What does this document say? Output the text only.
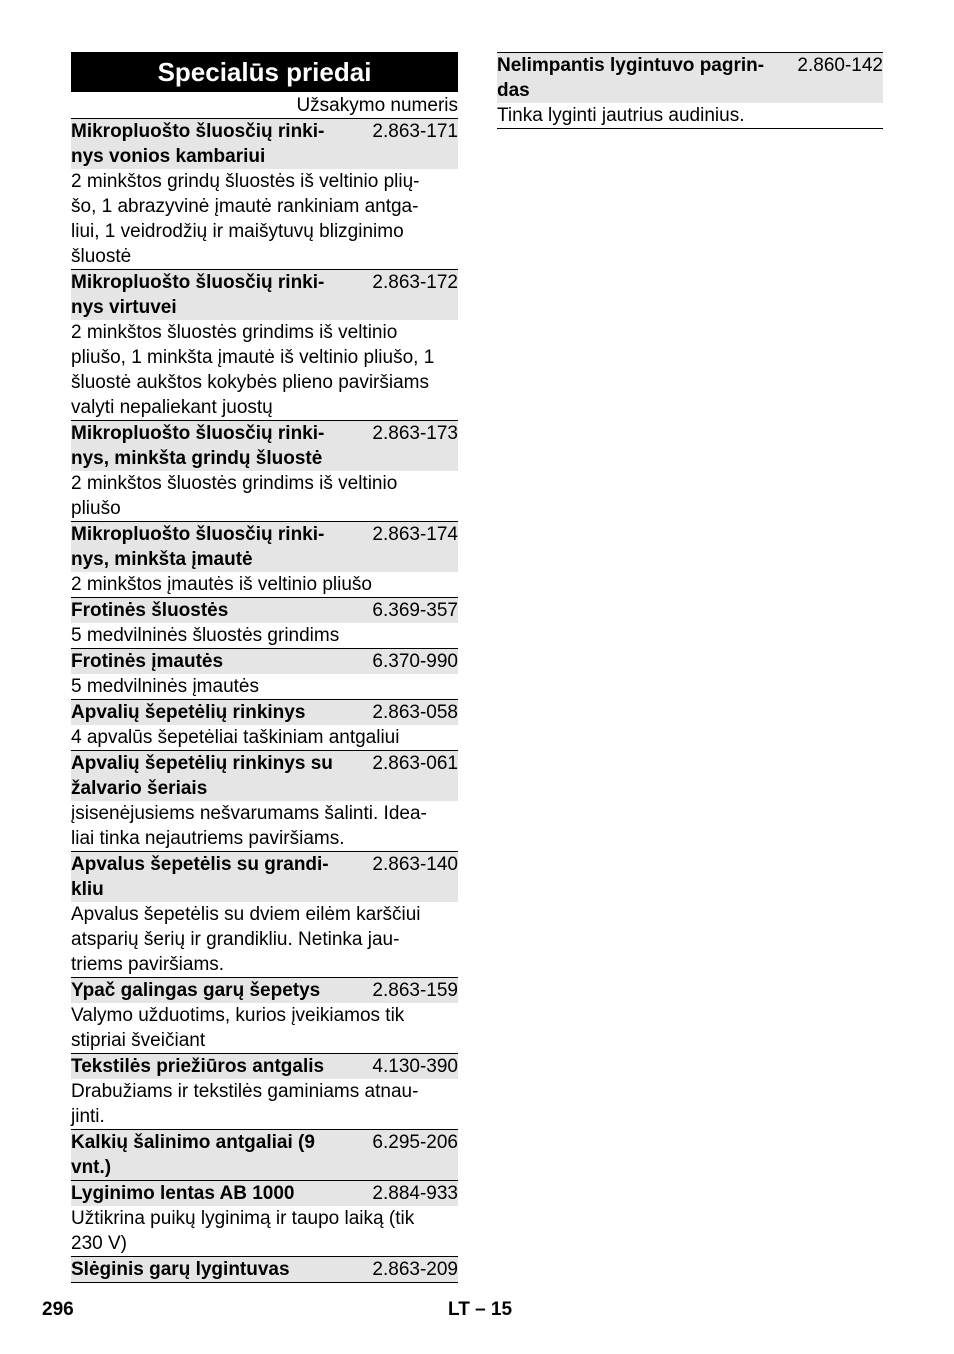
Specialūs priedai
Užsakymo numeris
Mikropluošto šluosčių rinki-
nys vonios kambariui
2.863-171
2 minkštos grindų šluostės iš veltinio plių-
šo, 1 abrazyvinė įmautė rankiniam antga-
liui, 1 veidrodžių ir maišytuvų blizginimo
šluostė
Mikropluošto šluosčių rinki-
nys virtuvei
2.863-172
2 minkštos šluostės grindims iš veltinio
pliušo, 1 minkšta įmautė iš veltinio pliušo, 1
šluostė aukštos kokybės plieno paviršiams
valyti nepaliekant juostų
Mikropluošto šluosčių rinki-
nys, minkšta grindų šluostė
2.863-173
2 minkštos šluostės grindims iš veltinio
pliušo
Mikropluošto šluosčių rinki-
nys, minkšta įmautė
2.863-174
2 minkštos įmautės iš veltinio pliušo
Frotinės šluostės	6.369-357
5 medvilninės šluostės grindims
Frotinės įmautės	6.370-990
5 medvilninės įmautės
Apvalių šepetėlių rinkinys	2.863-058
4 apvalūs šepetėliai taškiniam antgaliui
Apvalių šepetėlių rinkinys su
žalvario šeriais
2.863-061
įsisenėjusiems nešvarumams šalinti. Idea-
liai tinka nejautriems paviršiams.
Apvalus šepetėlis su grandi-
kliu
2.863-140
Apvalus šepetėlis su dviem eilėm karščiui
atsparių šerių ir grandikliu. Netinka jau-
triems paviršiams.
Ypač galingas garų šepetys	2.863-159
Valymo užduotims, kurios įveikiamos tik
stipriai šveičiant
Tekstilės priežiūros antgalis	4.130-390
Drabužiams ir tekstilės gaminiams atnau-
jinti.
Kalkių šalinimo antgaliai (9
vnt.)
6.295-206
Lyginimo lentas AB 1000	2.884-933
Užtikrina puikų lyginimą ir taupo laiką (tik
230 V)
Slėginis garų lygintuvas	2.863-209
Nelimpantis lygintuvo pagrin-
das
2.860-142
Tinka lyginti jautrius audinius.
296	LT – 15
